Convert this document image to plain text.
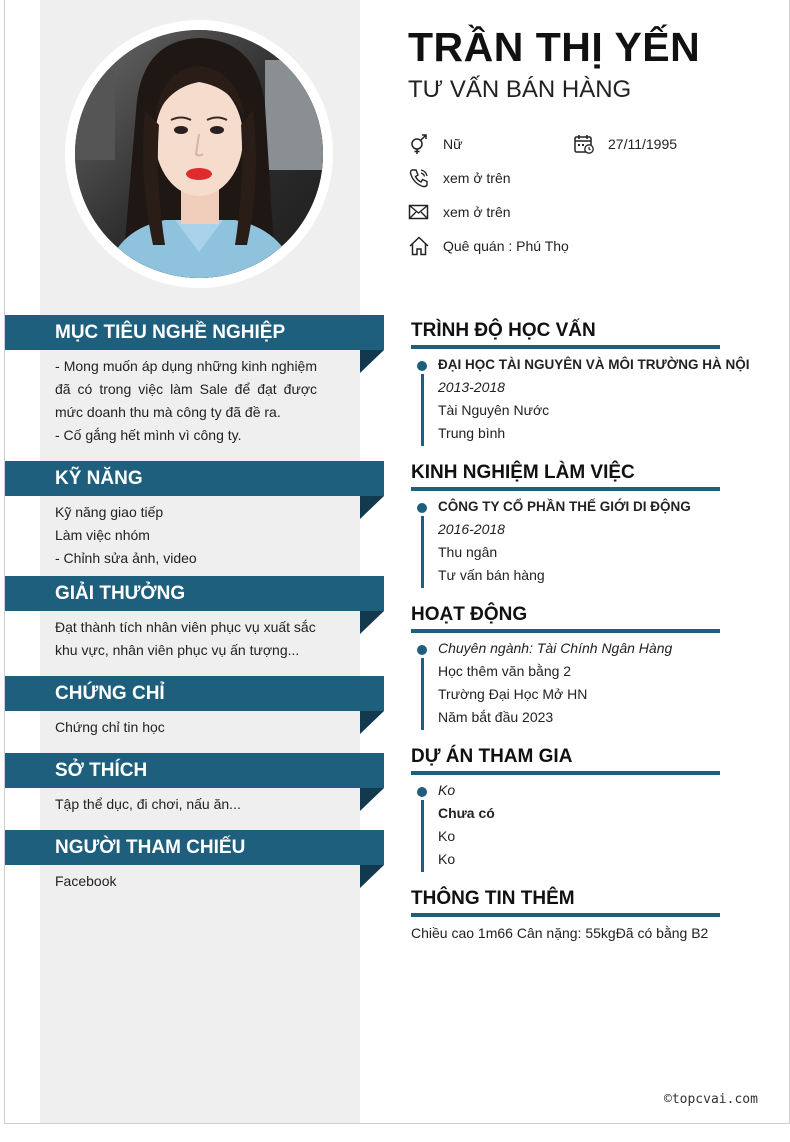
TRẦN THỊ YẾN
TƯ VẤN BÁN HÀNG
Nữ	27/11/1995
xem ở trên
xem ở trên
Quê quán : Phú Thọ
MỤC TIÊU NGHỀ NGHIỆP
- Mong muốn áp dụng những kinh nghiệm đã có trong việc làm Sale để đạt được mức doanh thu mà công ty đã đề ra.
- Cố gắng hết mình vì công ty.
KỸ NĂNG
Kỹ năng giao tiếp
Làm việc nhóm
- Chỉnh sửa ảnh, video
GIẢI THƯỞNG
Đạt thành tích nhân viên phục vụ xuất sắc khu vực, nhân viên phục vụ ấn tượng...
CHỨNG CHỈ
Chứng chỉ tin học
SỞ THÍCH
Tập thể dục, đi chơi, nấu ăn...
NGƯỜI THAM CHIẾU
Facebook
TRÌNH ĐỘ HỌC VẤN
ĐẠI HỌC TÀI NGUYÊN VÀ MÔI TRƯỜNG HÀ NỘI
2013-2018
Tài Nguyên Nước
Trung bình
KINH NGHIỆM LÀM VIỆC
CÔNG TY CỔ PHẦN THẾ GIỚI DI ĐỘNG
2016-2018
Thu ngân
Tư vấn bán hàng
HOẠT ĐỘNG
Chuyên ngành: Tài Chính Ngân Hàng
Học thêm văn bằng 2
Trường Đại Học Mở HN
Năm bắt đầu 2023
DỰ ÁN THAM GIA
Ko
Chưa có
Ko
Ko
THÔNG TIN THÊM
Chiều cao 1m66 Cân nặng: 55kgĐã có bằng B2
©topcvai.com
